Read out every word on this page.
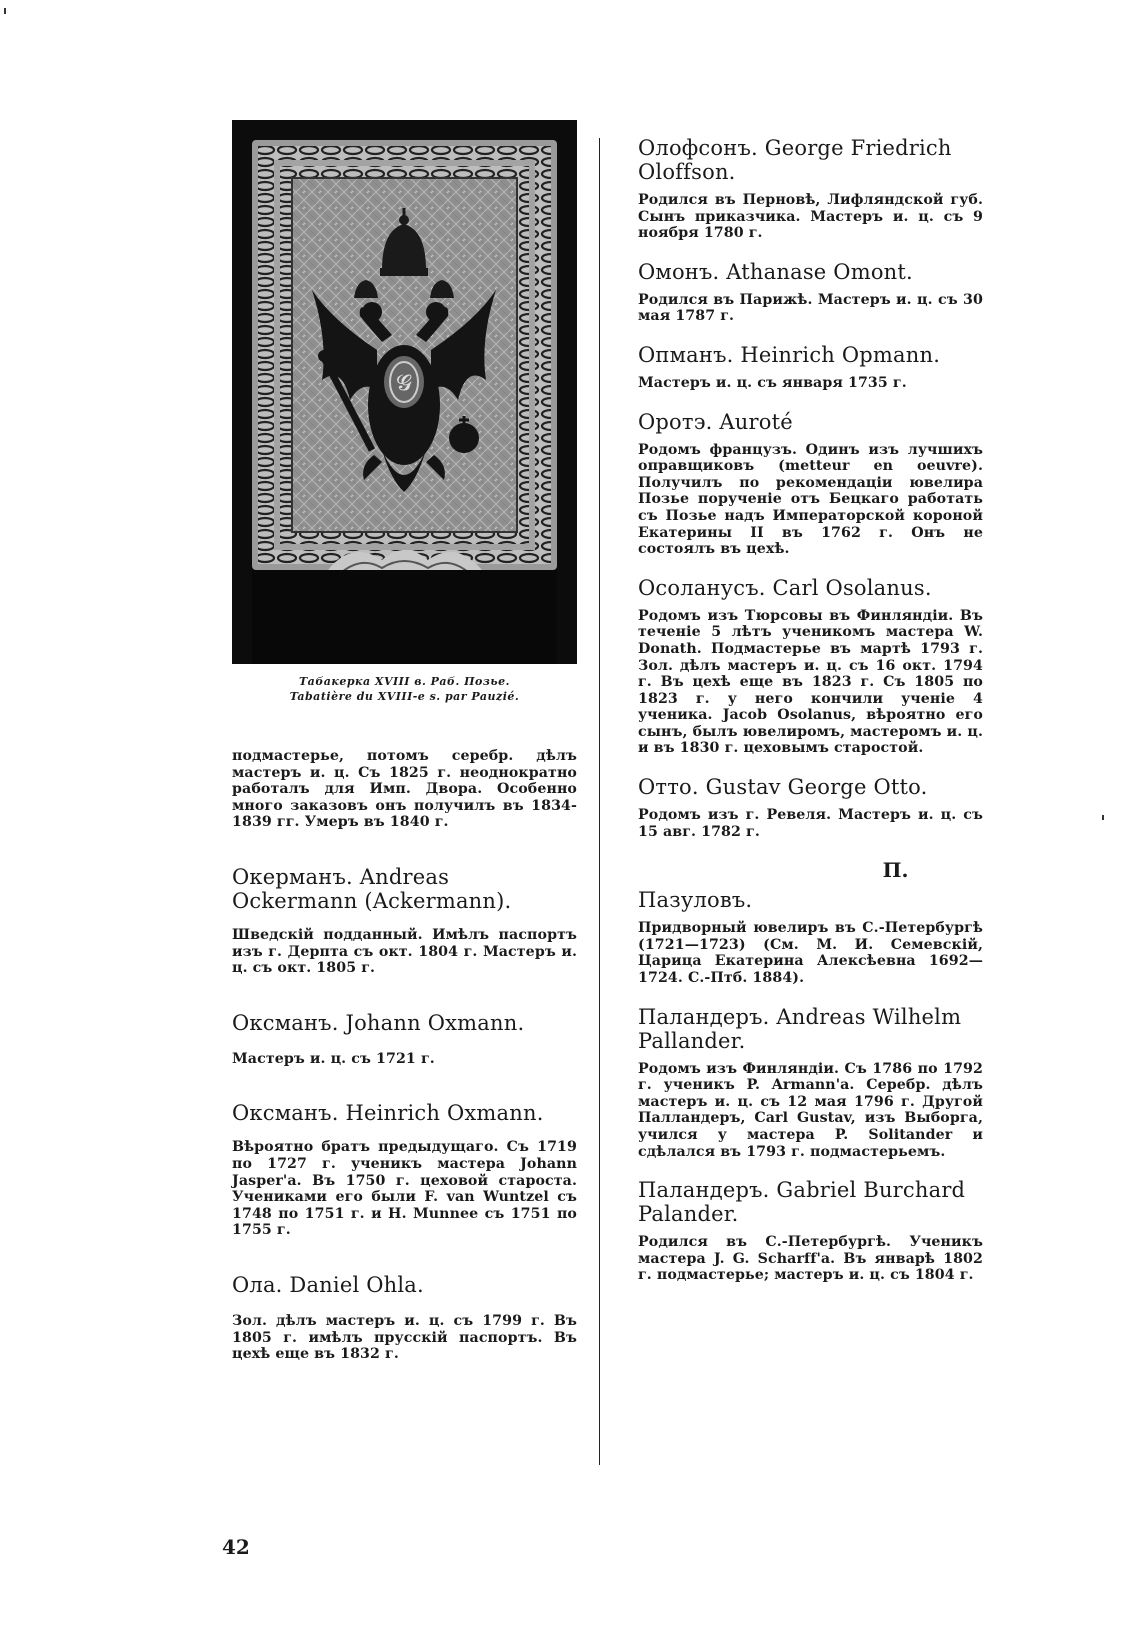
𝓖
Табакерка XVIII в. Раб. Позье.
Tabatière du XVIII-e s. par Pauzié.

подмастерье, потомъ серебр. дѣлъ мастеръ и. ц. Съ 1825 г. неоднократно работалъ для Имп. Двора. Особенно много заказовъ онъ получилъ въ 1834-1839 гг. Умеръ въ 1840 г.

Окерманъ. Andreas Ockermann (Ackermann).

Шведскій подданный. Имѣлъ паспортъ изъ г. Дерпта съ окт. 1804 г. Мастеръ и. ц. съ окт. 1805 г.

Оксманъ. Johann Oxmann.

Мастеръ и. ц. съ 1721 г.

Оксманъ. Heinrich Oxmann.

Вѣроятно братъ предыдущаго. Съ 1719 по 1727 г. ученикъ мастера Johann Jasper'а. Въ 1750 г. цеховой староста. Учениками его были F. van Wuntzel съ 1748 по 1751 г. и H. Munnee съ 1751 по 1755 г.

Ола. Daniel Ohla.

Зол. дѣлъ мастеръ и. ц. съ 1799 г. Въ 1805 г. имѣлъ прусскій паспортъ. Въ цехѣ еще въ 1832 г.

Олофсонъ. George Friedrich Oloffson.

Родился въ Перновѣ, Лифляндской губ. Сынъ приказчика. Мастеръ и. ц. съ 9 ноября 1780 г.

Омонъ. Athanase Omont.

Родился въ Парижѣ. Мастеръ и. ц. съ 30 мая 1787 г.

Опманъ. Heinrich Opmann.

Мастеръ и. ц. съ января 1735 г.

Оротэ. Auroté

Родомъ французъ. Одинъ изъ лучшихъ оправщиковъ (metteur en oeuvre). Получилъ по рекомендаціи ювелира Позье порученіе отъ Бецкаго работать съ Позье надъ Императорской короной Екатерины II въ 1762 г. Онъ не состоялъ въ цехѣ.

Осоланусъ. Carl Osolanus.

Родомъ изъ Тюрсовы въ Финляндіи. Въ теченіе 5 лѣтъ ученикомъ мастера W. Donath. Подмастерье въ мартѣ 1793 г. Зол. дѣлъ мастеръ и. ц. съ 16 окт. 1794 г. Въ цехѣ еще въ 1823 г. Съ 1805 по 1823 г. у него кончили ученіе 4 ученика. Jacob Osolanus, вѣроятно его сынъ, былъ ювелиромъ, мастеромъ и. ц. и въ 1830 г. цеховымъ старостой.

Отто. Gustav George Otto.

Родомъ изъ г. Ревеля. Мастеръ и. ц. съ 15 авг. 1782 г.

П.

Пазуловъ.

Придворный ювелиръ въ С.-Петербургѣ (1721—1723) (См. М. И. Семевскій, Царица Екатерина Алексѣевна 1692—1724. С.-Птб. 1884).

Паландеръ. Andreas Wilhelm Pallander.

Родомъ изъ Финляндіи. Съ 1786 по 1792 г. ученикъ P. Armann'а. Серебр. дѣлъ мастеръ и. ц. съ 12 мая 1796 г. Другой Паллaндеръ, Carl Gustav, изъ Выборга, учился у мастера P. Solitander и сдѣлался въ 1793 г. подмастерьемъ.

Паландеръ. Gabriel Burchard Palander.

Родился въ С.-Петербургѣ. Ученикъ мастера J. G. Scharff'а. Въ январѣ 1802 г. подмастерье; мастеръ и. ц. съ 1804 г.

42
